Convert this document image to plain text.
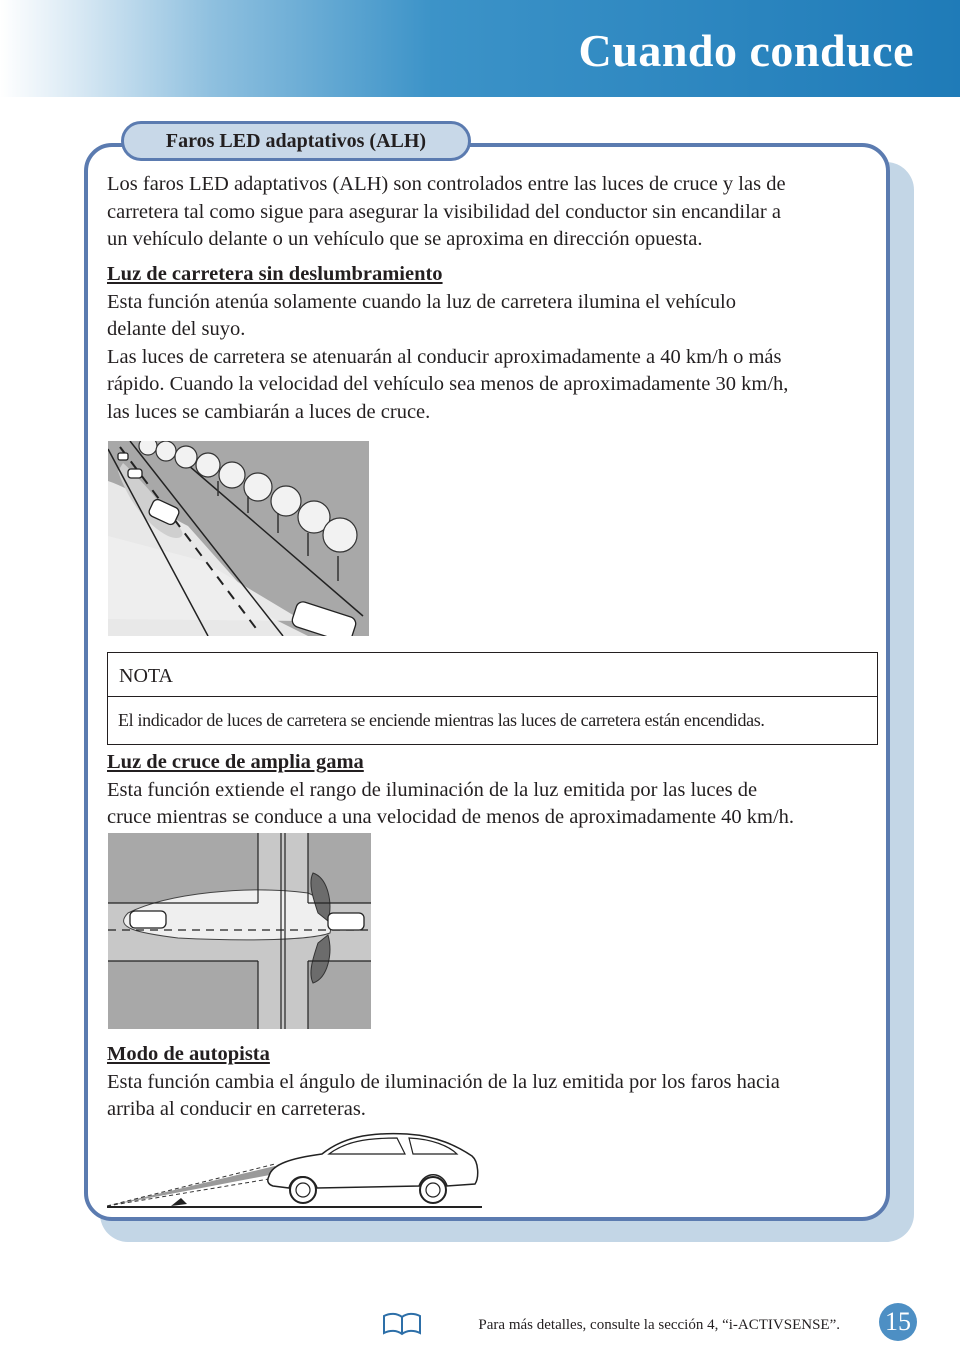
Cuando conduce
Faros LED adaptativos (ALH)
Los faros LED adaptativos (ALH) son controlados entre las luces de cruce y las de
carretera tal como sigue para asegurar la visibilidad del conductor sin encandilar a
un vehículo delante o un vehículo que se aproxima en dirección opuesta.
Luz de carretera sin deslumbramiento
Esta función atenúa solamente cuando la luz de carretera ilumina el vehículo
delante del suyo.
Las luces de carretera se atenuarán al conducir aproximadamente a 40 km/h o más
rápido. Cuando la velocidad del vehículo sea menos de aproximadamente 30 km/h,
las luces se cambiarán a luces de cruce.
NOTA
El indicador de luces de carretera se enciende mientras las luces de carretera están encendidas.
Luz de cruce de amplia gama
Esta función extiende el rango de iluminación de la luz emitida por las luces de
cruce mientras se conduce a una velocidad de menos de aproximadamente 40 km/h.
Modo de autopista
Esta función cambia el ángulo de iluminación de la luz emitida por los faros hacia
arriba al conducir en carreteras.
Para más detalles, consulte la sección 4, “i-ACTIVSENSE”. 15
